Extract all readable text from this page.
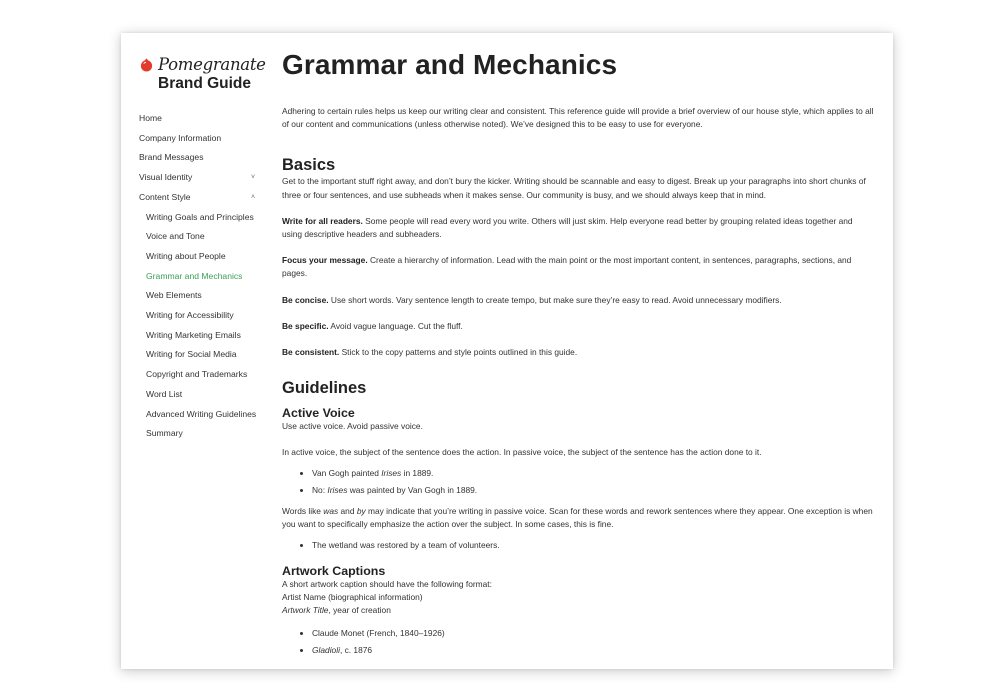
Pomegranate
Brand Guide
Home
Company Information
Brand Messages
Visual Identity	˅
Content Style	˄
Writing Goals and Principles
Voice and Tone
Writing about People
Grammar and Mechanics
Web Elements
Writing for Accessibility
Writing Marketing Emails
Writing for Social Media
Copyright and Trademarks
Word List
Advanced Writing Guidelines
Summary
Grammar and Mechanics

Adhering to certain rules helps us keep our writing clear and consistent. This reference guide will provide a brief overview of our house style, which applies to all of our content and communications (unless otherwise noted). We’ve designed this to be easy to use for everyone.

Basics

Get to the important stuff right away, and don’t bury the kicker. Writing should be scannable and easy to digest. Break up your paragraphs into short chunks of three or four sentences, and use subheads when it makes sense. Our community is busy, and we should always keep that in mind.

Write for all readers. Some people will read every word you write. Others will just skim. Help everyone read better by grouping related ideas together and using descriptive headers and subheaders.

Focus your message. Create a hierarchy of information. Lead with the main point or the most important content, in sentences, paragraphs, sections, and pages.

Be concise. Use short words. Vary sentence length to create tempo, but make sure they’re easy to read. Avoid unnecessary modifiers.

Be specific. Avoid vague language. Cut the fluff.

Be consistent. Stick to the copy patterns and style points outlined in this guide.

Guidelines
Active Voice

Use active voice. Avoid passive voice.

In active voice, the subject of the sentence does the action. In passive voice, the subject of the sentence has the action done to it.

• Van Gogh painted Irises in 1889.
• No: Irises was painted by Van Gogh in 1889.

Words like was and by may indicate that you’re writing in passive voice. Scan for these words and rework sentences where they appear. One exception is when you want to specifically emphasize the action over the subject. In some cases, this is fine.

• The wetland was restored by a team of volunteers.
Artwork Captions

A short artwork caption should have the following format:

Artist Name (biographical information)

Artwork Title, year of creation

• Claude Monet (French, 1840–1926)
• Gladioli, c. 1876
